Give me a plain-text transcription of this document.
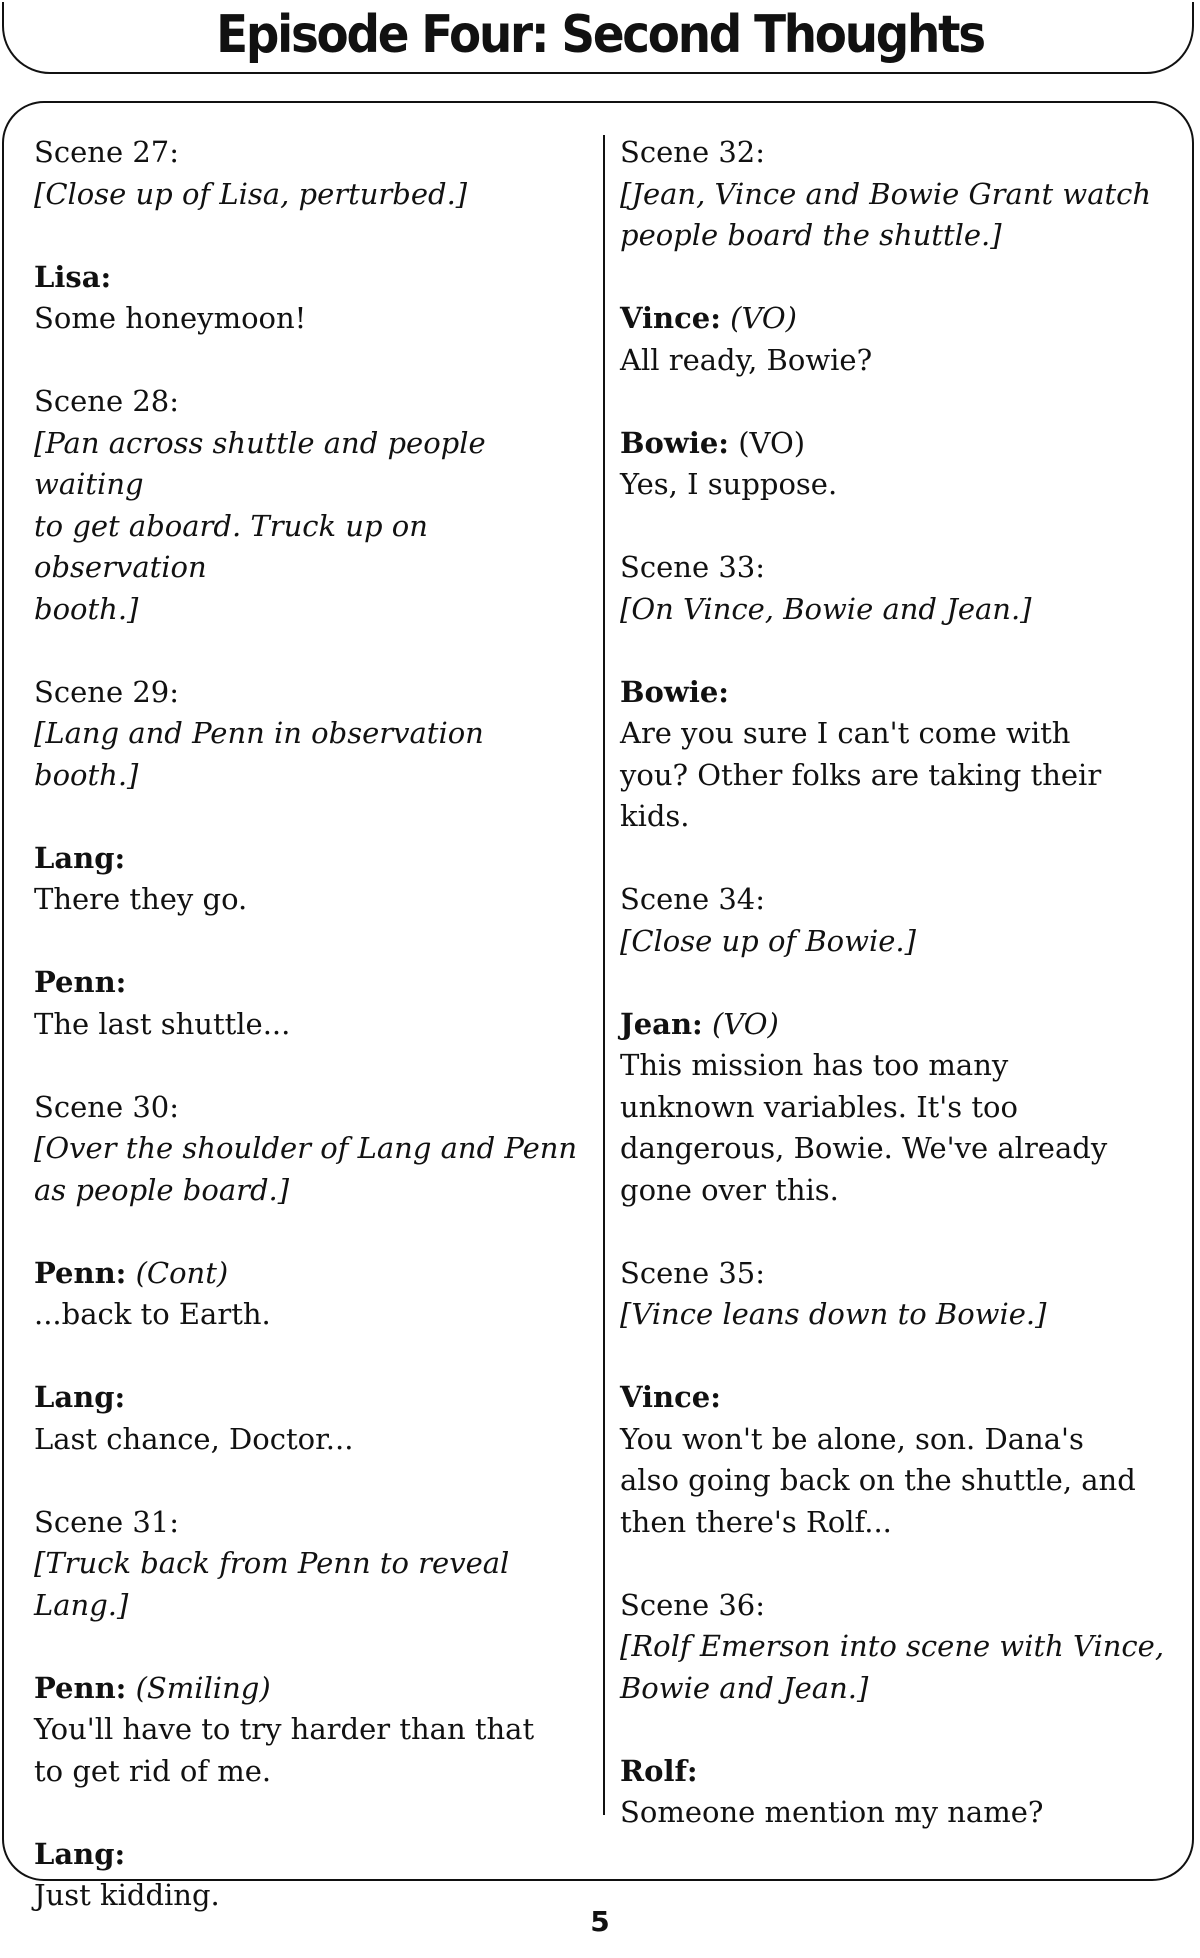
Episode Four: Second Thoughts
Scene 27:
[Close up of Lisa, perturbed.]
Lisa:
Some honeymoon!
Scene 28:
[Pan across shuttle and people waiting
to get aboard. Truck up on observation
booth.]
Scene 29:
[Lang and Penn in observation booth.]
Lang:
There they go.
Penn:
The last shuttle...
Scene 30:
[Over the shoulder of Lang and Penn
as people board.]
Penn: (Cont)
...back to Earth.
Lang:
Last chance, Doctor...
Scene 31:
[Truck back from Penn to reveal Lang.]
Penn: (Smiling)
You'll have to try harder than that
to get rid of me.
Lang:
Just kidding.
Scene 32:
[Jean, Vince and Bowie Grant watch
people board the shuttle.]
Vince: (VO)
All ready, Bowie?
Bowie: (VO)
Yes, I suppose.
Scene 33:
[On Vince, Bowie and Jean.]
Bowie:
Are you sure I can't come with
you? Other folks are taking their
kids.
Scene 34:
[Close up of Bowie.]
Jean: (VO)
This mission has too many
unknown variables. It's too
dangerous, Bowie. We've already
gone over this.
Scene 35:
[Vince leans down to Bowie.]
Vince:
You won't be alone, son. Dana's
also going back on the shuttle, and
then there's Rolf...
Scene 36:
[Rolf Emerson into scene with Vince,
Bowie and Jean.]
Rolf:
Someone mention my name?
5
